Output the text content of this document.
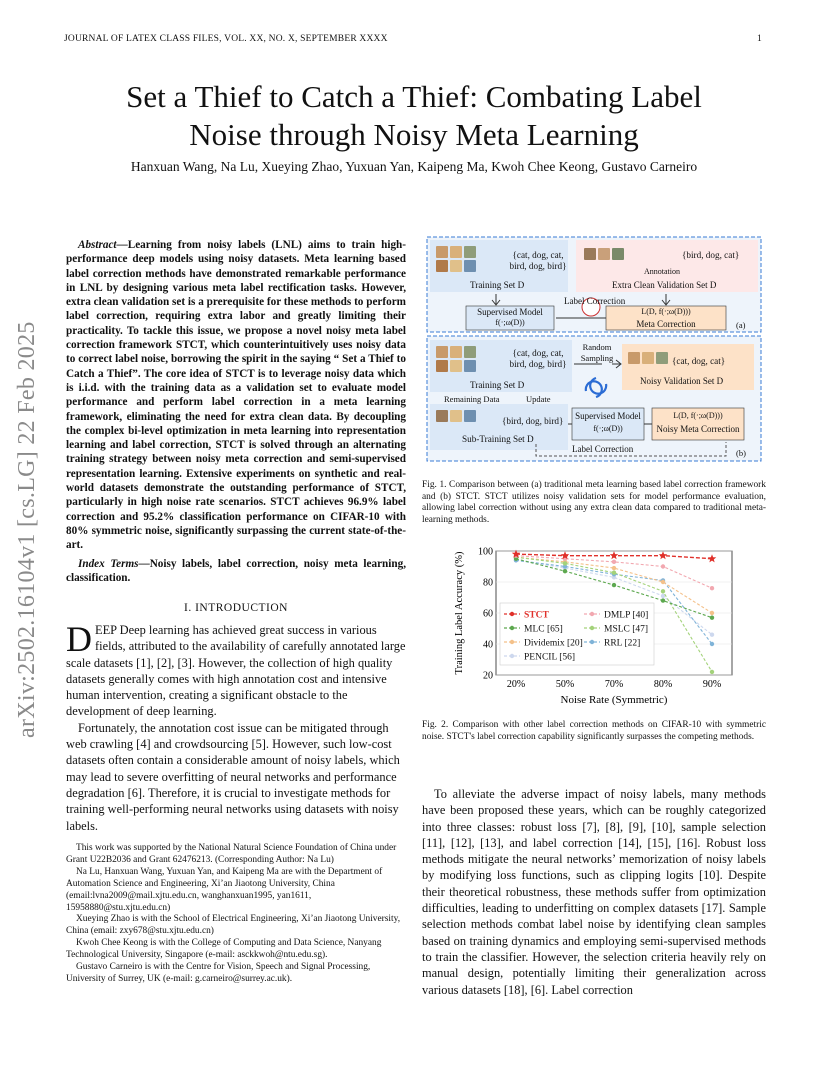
JOURNAL OF LATEX CLASS FILES, VOL. XX, NO. X, SEPTEMBER XXXX	1
Set a Thief to Catch a Thief: Combating Label
Noise through Noisy Meta Learning
Hanxuan Wang, Na Lu, Xueying Zhao, Yuxuan Yan, Kaipeng Ma, Kwoh Chee Keong, Gustavo Carneiro
arXiv:2502.16104v1 [cs.LG] 22 Feb 2025
Abstract—Learning from noisy labels (LNL) aims to train high-performance deep models using noisy datasets. Meta learning based label correction methods have demonstrated remarkable performance in LNL by designing various meta label rectification tasks. However, extra clean validation set is a prerequisite for these methods to perform label correction, requiring extra labor and greatly limiting their practicality. To tackle this issue, we propose a novel noisy meta label correction framework STCT, which counterintuitively uses noisy data to correct label noise, borrowing the spirit in the saying “ Set a Thief to Catch a Thief”. The core idea of STCT is to leverage noisy data which is i.i.d. with the training data as a validation set to evaluate model performance and perform label correction in a meta learning framework, eliminating the need for extra clean data. By decoupling the complex bi-level optimization in meta learning into representation learning and label correction, STCT is solved through an alternating training strategy between noisy meta correction and semi-supervised representation learning. Extensive experiments on synthetic and real-world datasets demonstrate the outstanding performance of STCT, particularly in high noise rate scenarios. STCT achieves 96.9% label correction and 95.2% classification performance on CIFAR-10 with 80% symmetric noise, significantly surpassing the current state-of-the-art.
Index Terms—Noisy labels, label correction, noisy meta learning, classification.
I. INTRODUCTION

DEEP Deep learning has achieved great success in various fields, attributed to the availability of carefully annotated large scale datasets [1], [2], [3]. However, the collection of high quality datasets generally comes with high annotation cost and intensive human intervention, creating a significant obstacle to the development of deep learning.

Fortunately, the annotation cost issue can be mitigated through web crawling [4] and crowdsourcing [5]. However, such low-cost datasets often contain a considerable amount of noisy labels, which may lead to severe overfitting of neural networks and performance degradation [6]. Therefore, it is crucial to investigate methods for training well-performing neural networks using datasets with noisy labels.

This work was supported by the National Natural Science Foundation of China under Grant U22B2036 and Grant 62476213. (Corresponding Author: Na Lu)

Na Lu, Hanxuan Wang, Yuxuan Yan, and Kaipeng Ma are with the Department of Automation Science and Engineering, Xi’an Jiaotong University, China (email:lvna2009@mail.xjtu.edu.cn, wanghanxuan1995, yan1611, 15958880@stu.xjtu.edu.cn)

Xueying Zhao is with the School of Electrical Engineering, Xi’an Jiaotong University, China (email: zxy678@stu.xjtu.edu.cn)

Kwoh Chee Keong is with the College of Computing and Data Science, Nanyang Technological University, Singapore (e-mail: asckkwoh@ntu.edu.sg).

Gustavo Carneiro is with the Centre for Vision, Speech and Signal Processing, University of Surrey, UK (e-mail: g.carneiro@surrey.ac.uk).

{cat, dog, cat, bird, dog, bird}
Training Set D
{bird, dog, cat}
Annotation
Extra Clean Validation Set D
Label Correction
Supervised Model
f(·;ω(D))
L(D, f(·;ω(D)))
Meta Correction	(a)
{cat, dog, cat, bird, dog, bird}
Training Set D
Random Sampling	{cat, dog, cat}
Noisy Validation Set D
Remaining Data	Update
{bird, dog, bird}
Sub-Training Set D
Supervised Model
f(·;ω(D))
L(D, f(·;ω(D)))
Noisy Meta Correction
Label Correction	(b)
Fig. 1. Comparison between (a) traditional meta learning based label correction framework and (b) STCT. STCT utilizes noisy validation sets for model performance evaluation, allowing label correction without using any extra clean data compared to traditional meta-learning methods.
20
40
60
80
100
20%	50%	70%	80%	90%
Noise Rate (Symmetric)
Training Label Accuracy (%)	STCT	DMLP [40]
MLC [65]	MSLC [47]
Dividemix [20] RRL [22]
PENCIL [56]
Fig. 2. Comparison with other label correction methods on CIFAR-10 with symmetric noise. STCT's label correction capability significantly surpasses the competing methods.
To alleviate the adverse impact of noisy labels, many methods have been proposed these years, which can be roughly categorized into three classes: robust loss [7], [8], [9], [10], sample selection [11], [12], [13], and label correction [14], [15], [16]. Robust loss methods mitigate the neural networks’ memorization of noisy labels by modifying loss functions, such as clipping logits [10]. Despite their theoretical robustness, these methods suffer from optimization difficulties, leading to underfitting on complex datasets [17]. Sample selection methods combat label noise by identifying clean samples based on training dynamics and employing semi-supervised methods to train the classifier. However, the selection criteria heavily rely on manual design, potentially limiting their generalization across various datasets [18], [6]. Label correction
